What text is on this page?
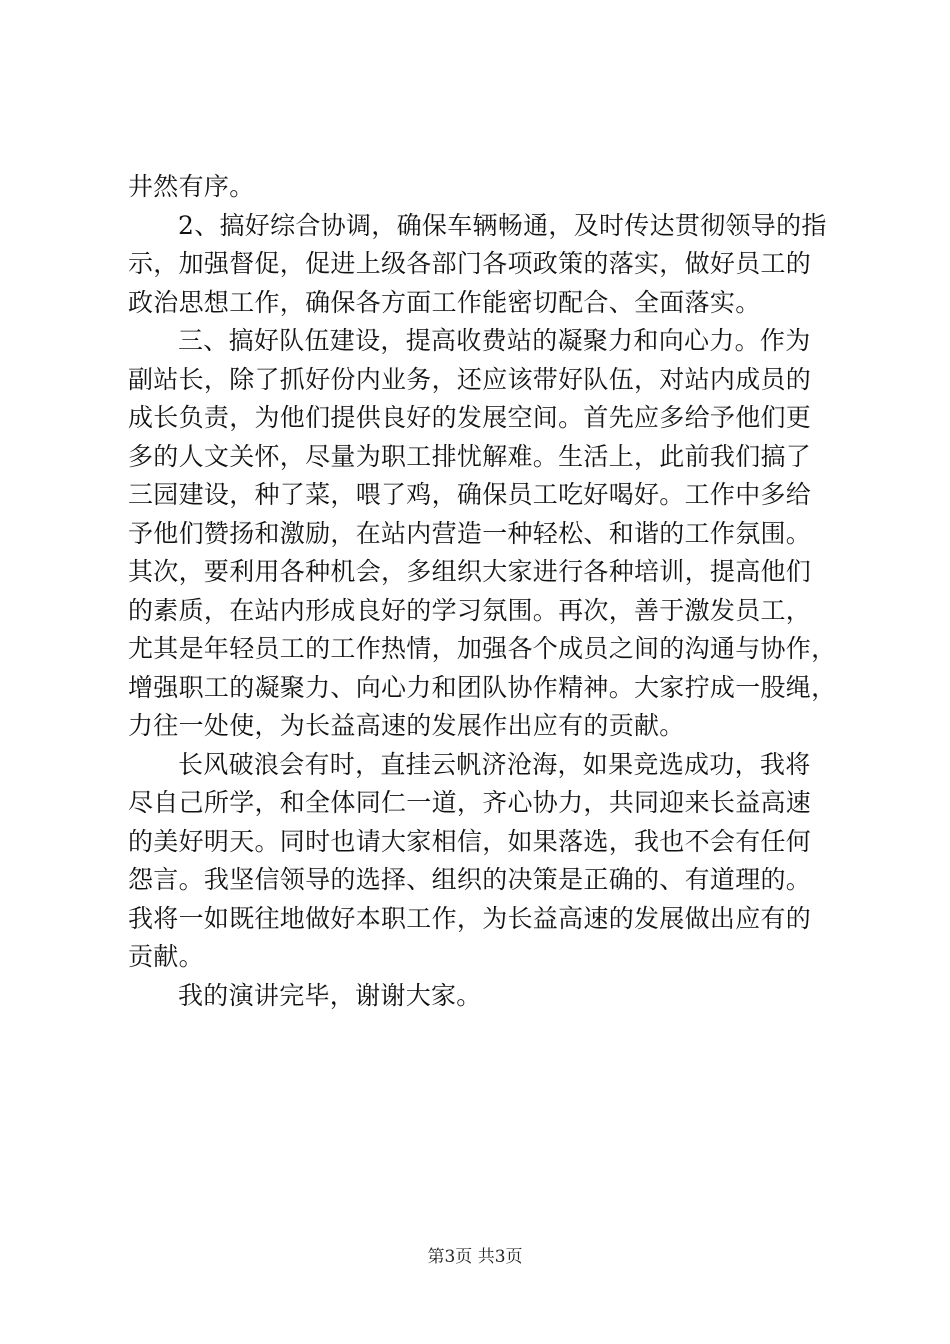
井然有序。
2、搞好综合协调，确保车辆畅通，及时传达贯彻领导的指
示，加强督促，促进上级各部门各项政策的落实，做好员工的
政治思想工作，确保各方面工作能密切配合、全面落实。
三、搞好队伍建设，提高收费站的凝聚力和向心力。作为
副站长，除了抓好份内业务，还应该带好队伍，对站内成员的
成长负责，为他们提供良好的发展空间。首先应多给予他们更
多的人文关怀，尽量为职工排忧解难。生活上，此前我们搞了
三园建设，种了菜，喂了鸡，确保员工吃好喝好。工作中多给
予他们赞扬和激励，在站内营造一种轻松、和谐的工作氛围。
其次，要利用各种机会，多组织大家进行各种培训，提高他们
的素质，在站内形成良好的学习氛围。再次，善于激发员工，
尤其是年轻员工的工作热情，加强各个成员之间的沟通与协作，
增强职工的凝聚力、向心力和团队协作精神。大家拧成一股绳，
力往一处使，为长益高速的发展作出应有的贡献。
长风破浪会有时，直挂云帆济沧海，如果竞选成功，我将
尽自己所学，和全体同仁一道，齐心协力，共同迎来长益高速
的美好明天。同时也请大家相信，如果落选，我也不会有任何
怨言。我坚信领导的选择、组织的决策是正确的、有道理的。
我将一如既往地做好本职工作，为长益高速的发展做出应有的
贡献。
我的演讲完毕，谢谢大家。
第3页 共3页
